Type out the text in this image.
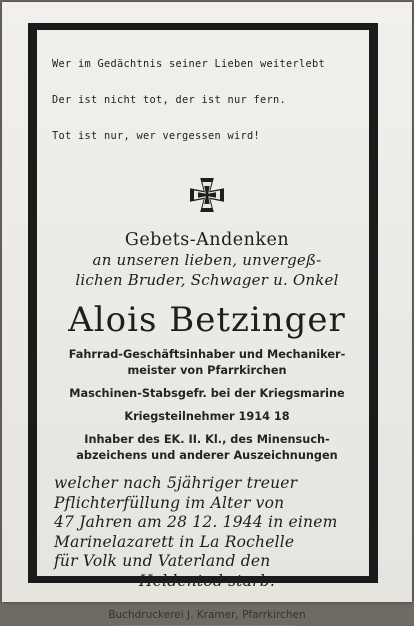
Wer im Gedächtnis seiner Lieben weiterlebt

Der ist nicht tot, der ist nur fern.

Tot ist nur, wer vergessen wird!

Gebets-Andenken
an unseren lieben, unvergeß-
lichen Bruder, Schwager u. Onkel
Alois Betzinger
Fahrrad-Geschäftsinhaber und Mechaniker-
meister von Pfarrkirchen
Maschinen-Stabsgefr. bei der Kriegsmarine
Kriegsteilnehmer 1914 18
Inhaber des EK. II. Kl., des Minensuch-
abzeichens und anderer Auszeichnungen
welcher nach 5jähriger treuer
Pflichterfüllung im Alter von
47 Jahren am 28 12. 1944 in einem
Marinelazarett in La Rochelle
für Volk und Vaterland den
Heldentod starb.
Buchdruckerei J. Kramer, Pfarrkirchen
